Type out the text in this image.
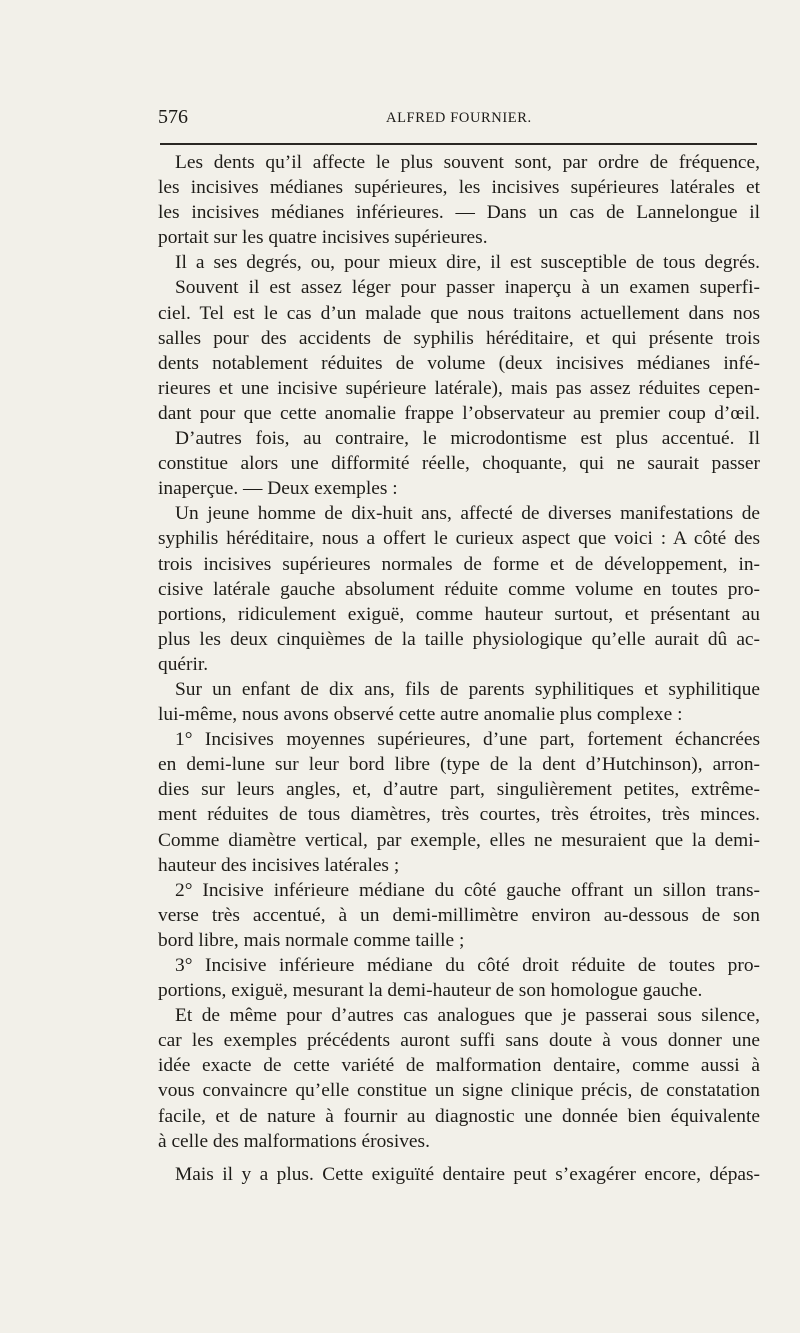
576	ALFRED FOURNIER.
Les dents qu’il affecte le plus souvent sont, par ordre de fréquence,
les incisives médianes supérieures, les incisives supérieures latérales et
les incisives médianes inférieures. — Dans un cas de Lannelongue il
portait sur les quatre incisives supérieures.
Il a ses degrés, ou, pour mieux dire, il est susceptible de tous degrés.
Souvent il est assez léger pour passer inaperçu à un examen superfi-
ciel. Tel est le cas d’un malade que nous traitons actuellement dans nos
salles pour des accidents de syphilis héréditaire, et qui présente trois
dents notablement réduites de volume (deux incisives médianes infé-
rieures et une incisive supérieure latérale), mais pas assez réduites cepen-
dant pour que cette anomalie frappe l’observateur au premier coup d’œil.
D’autres fois, au contraire, le microdontisme est plus accentué. Il
constitue alors une difformité réelle, choquante, qui ne saurait passer
inaperçue. — Deux exemples :
Un jeune homme de dix-huit ans, affecté de diverses manifestations de
syphilis héréditaire, nous a offert le curieux aspect que voici : A côté des
trois incisives supérieures normales de forme et de développement, in-
cisive latérale gauche absolument réduite comme volume en toutes pro-
portions, ridiculement exiguë, comme hauteur surtout, et présentant au
plus les deux cinquièmes de la taille physiologique qu’elle aurait dû ac-
quérir.
Sur un enfant de dix ans, fils de parents syphilitiques et syphilitique
lui-même, nous avons observé cette autre anomalie plus complexe :
1° Incisives moyennes supérieures, d’une part, fortement échancrées
en demi-lune sur leur bord libre (type de la dent d’Hutchinson), arron-
dies sur leurs angles, et, d’autre part, singulièrement petites, extrême-
ment réduites de tous diamètres, très courtes, très étroites, très minces.
Comme diamètre vertical, par exemple, elles ne mesuraient que la demi-
hauteur des incisives latérales ;
2° Incisive inférieure médiane du côté gauche offrant un sillon trans-
verse très accentué, à un demi-millimètre environ au-dessous de son
bord libre, mais normale comme taille ;
3° Incisive inférieure médiane du côté droit réduite de toutes pro-
portions, exiguë, mesurant la demi-hauteur de son homologue gauche.
Et de même pour d’autres cas analogues que je passerai sous silence,
car les exemples précédents auront suffi sans doute à vous donner une
idée exacte de cette variété de malformation dentaire, comme aussi à
vous convaincre qu’elle constitue un signe clinique précis, de constatation
facile, et de nature à fournir au diagnostic une donnée bien équivalente
à celle des malformations érosives.
Mais il y a plus. Cette exiguïté dentaire peut s’exagérer encore, dépas-
